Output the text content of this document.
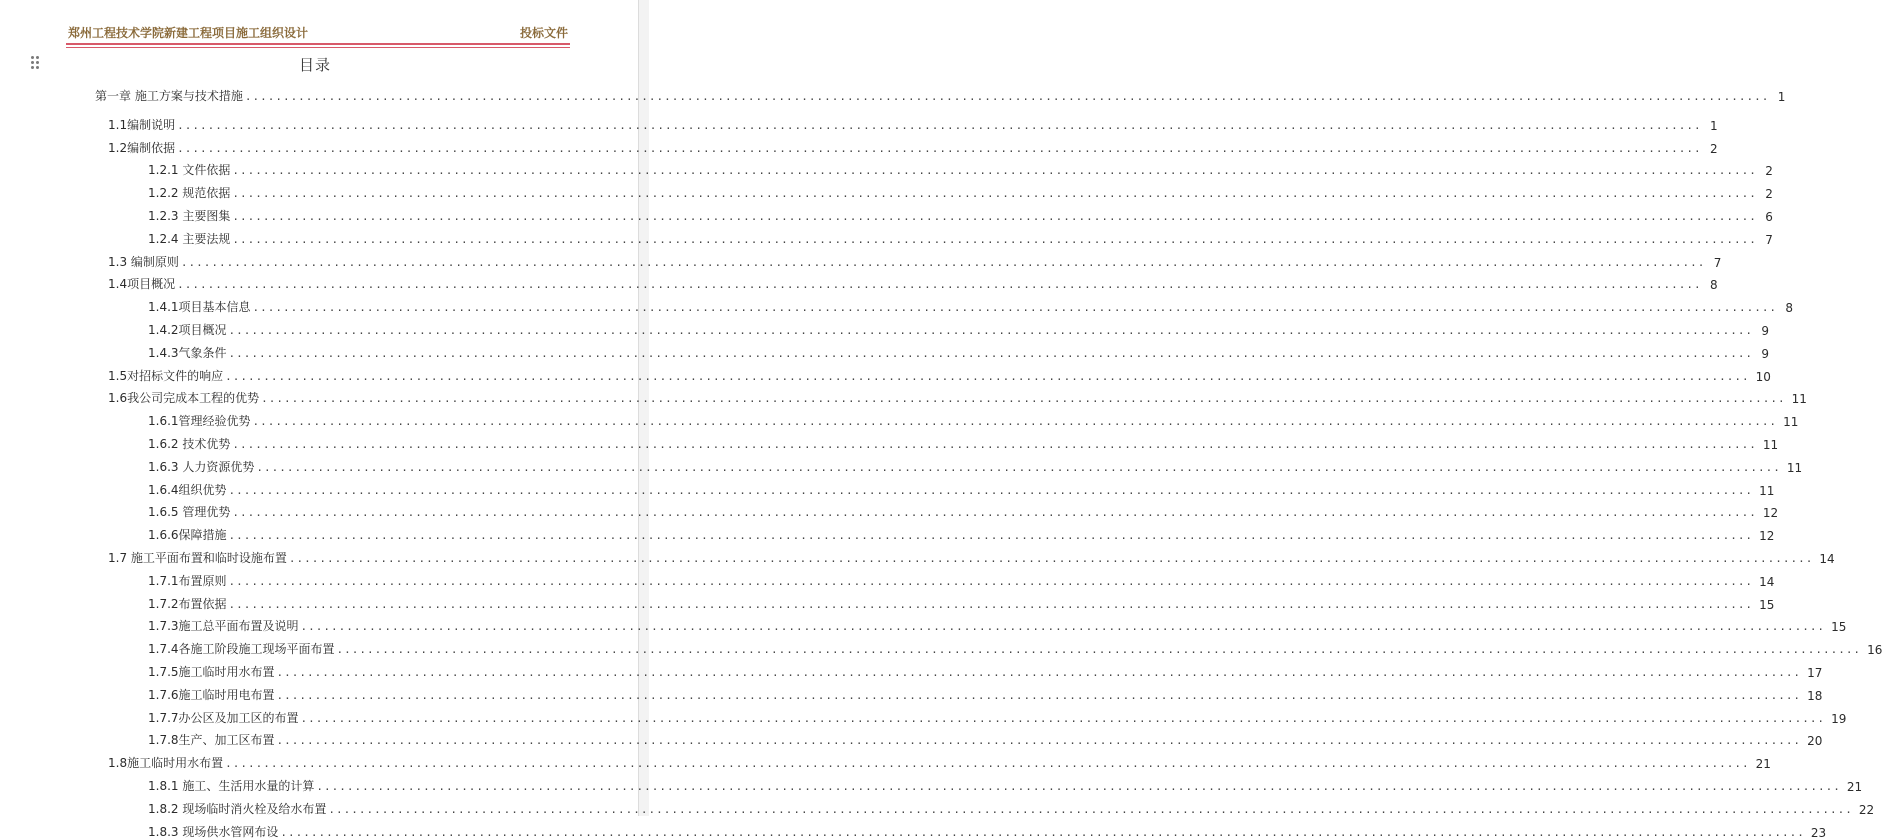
郑州工程技术学院新建工程项目施工组织设计	投标文件
目录
第一章 施工方案与技术措施 ........................................................................................................................................................................................................ 1
1.1编制说明 ........................................................................................................................................................................................................ 1
1.2编制依据 ........................................................................................................................................................................................................ 2
1.2.1 文件依据 ........................................................................................................................................................................................................ 2
1.2.2 规范依据 ........................................................................................................................................................................................................ 2
1.2.3 主要图集 ........................................................................................................................................................................................................ 6
1.2.4 主要法规 ........................................................................................................................................................................................................ 7
1.3 编制原则 ........................................................................................................................................................................................................ 7
1.4项目概况 ........................................................................................................................................................................................................ 8
1.4.1项目基本信息 ........................................................................................................................................................................................................ 8
1.4.2项目概况 ........................................................................................................................................................................................................ 9
1.4.3气象条件 ........................................................................................................................................................................................................ 9
1.5对招标文件的响应 ........................................................................................................................................................................................................ 10
1.6我公司完成本工程的优势 ........................................................................................................................................................................................................ 11
1.6.1管理经验优势 ........................................................................................................................................................................................................ 11
1.6.2 技术优势 ........................................................................................................................................................................................................ 11
1.6.3 人力资源优势 ........................................................................................................................................................................................................ 11
1.6.4组织优势 ........................................................................................................................................................................................................ 11
1.6.5 管理优势 ........................................................................................................................................................................................................ 12
1.6.6保障措施 ........................................................................................................................................................................................................ 12
1.7 施工平面布置和临时设施布置 ........................................................................................................................................................................................................ 14
1.7.1布置原则 ........................................................................................................................................................................................................ 14
1.7.2布置依据 ........................................................................................................................................................................................................ 15
1.7.3施工总平面布置及说明 ........................................................................................................................................................................................................ 15
1.7.4各施工阶段施工现场平面布置 ........................................................................................................................................................................................................ 16
1.7.5施工临时用水布置 ........................................................................................................................................................................................................ 17
1.7.6施工临时用电布置 ........................................................................................................................................................................................................ 18
1.7.7办公区及加工区的布置 ........................................................................................................................................................................................................ 19
1.7.8生产、加工区布置 ........................................................................................................................................................................................................ 20
1.8施工临时用水布置 ........................................................................................................................................................................................................ 21
1.8.1 施工、生活用水量的计算 ........................................................................................................................................................................................................ 21
1.8.2 现场临时消火栓及给水布置 ........................................................................................................................................................................................................ 22
1.8.3 现场供水管网布设 ........................................................................................................................................................................................................ 23
